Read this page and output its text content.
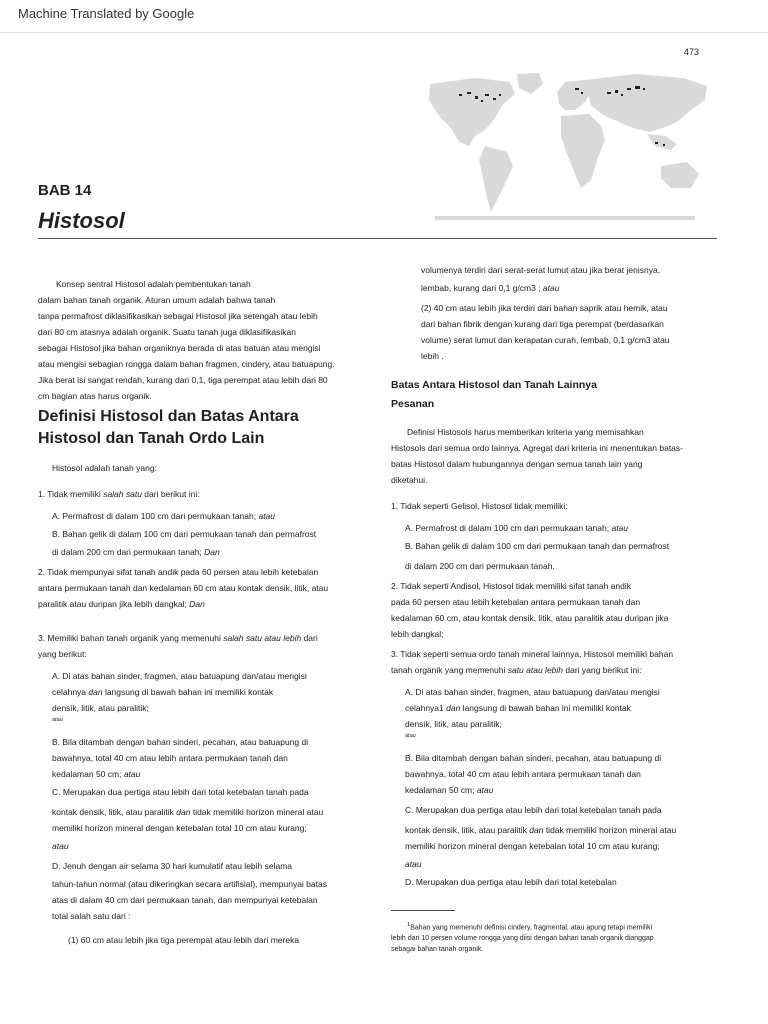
Machine Translated by Google
473
BAB 14
Histosol

Konsep sentral Histosol adalah pembentukan tanah

dalam bahan tanah organik. Aturan umum adalah bahwa tanah

tanpa permafrost diklasifikasikan sebagai Histosol jika setengah atau lebih

dari 80 cm atasnya adalah organik. Suatu tanah juga diklasifikasikan

sebagai Histosol jika bahan organiknya berada di atas batuan atau mengisi

atau mengisi sebagian rongga dalam bahan fragmen, cindery, atau batuapung.

Jika berat isi sangat rendah, kurang dari 0,1, tiga perempat atau lebih dari 80

cm bagian atas harus organik.

Definisi Histosol dan Batas Antara
Histosol dan Tanah Ordo Lain

Histosol adalah tanah yang:

1. Tidak memiliki salah satu dari berikut ini:

A. Permafrost di dalam 100 cm dari permukaan tanah; atau

B. Bahan gelik di dalam 100 cm dari permukaan tanah dan permafrost

di dalam 200 cm dari permukaan tanah; Dan

2. Tidak mempunyai sifat tanah andik pada 60 persen atau lebih ketebalan

antara permukaan tanah dan kedalaman 60 cm atau kontak densik, litik, atau

paralitik atau duripan jika lebih dangkal; Dan

3. Memiliki bahan tanah organik yang memenuhi salah satu atau lebih dari

yang berikut:

A. Di atas bahan sinder, fragmen, atau batuapung dan/atau mengisi

celahnya dan langsung di bawah bahan ini memiliki kontak

densik, litik, atau paralitik;

atau

B. Bila ditambah dengan bahan sinderi, pecahan, atau batuapung di

bawahnya, total 40 cm atau lebih antara permukaan tanah dan

kedalaman 50 cm; atau

C. Merupakan dua pertiga atau lebih dari total ketebalan tanah pada

kontak densik, litik, atau paralitik dan tidak memiliki horizon mineral atau

memiliki horizon mineral dengan ketebalan total 10 cm atau kurang;

atau

D. Jenuh dengan air selama 30 hari kumulatif atau lebih selama

tahun-tahun normal (atau dikeringkan secara artifisial), mempunyai batas

atas di dalam 40 cm dari permukaan tanah, dan mempunyai ketebalan

total salah satu dari :

(1) 60 cm atau lebih jika tiga perempat atau lebih dari mereka

volumenya terdiri dari serat-serat lumut atau jika berat jenisnya,

lembab, kurang dari 0,1 g/cm3 ; atau

(2) 40 cm atau lebih jika terdiri dari bahan saprik atau hemik, atau

dari bahan fibrik dengan kurang dari tiga perempat (berdasarkan

volume) serat lumut dan kerapatan curah, lembab, 0,1 g/cm3 atau

lebih .

Batas Antara Histosol dan Tanah Lainnya
Pesanan

Definisi Histosols harus memberikan kriteria yang memisahkan

Histosols dari semua ordo lainnya. Agregat dari kriteria ini menentukan batas-

batas Histosol dalam hubungannya dengan semua tanah lain yang

diketahui.

1. Tidak seperti Gelisol, Histosol tidak memiliki:

A. Permafrost di dalam 100 cm dari permukaan tanah; atau

B. Bahan gelik di dalam 100 cm dari permukaan tanah dan permafrost

di dalam 200 cm dari permukaan tanah.

2. Tidak seperti Andisol, Histosol tidak memiliki sifat tanah andik

pada 60 persen atau lebih ketebalan antara permukaan tanah dan

kedalaman 60 cm, atau kontak densik, litik, atau paralitik atau duripan jika

lebih dangkal;

3. Tidak seperti semua ordo tanah mineral lainnya, Histosol memiliki bahan

tanah organik yang memenuhi satu atau lebih dari yang berikut ini:

A. Di atas bahan sinder, fragmen, atau batuapung dan/atau mengisi

celahnya1 dan langsung di bawah bahan ini memiliki kontak

densik, litik, atau paralitik;

atau

B. Bila ditambah dengan bahan sinderi, pecahan, atau batuapung di

bawahnya, total 40 cm atau lebih antara permukaan tanah dan

kedalaman 50 cm; atau

C. Merupakan dua pertiga atau lebih dari total ketebalan tanah pada

kontak densik, litik, atau paralitik dan tidak memiliki horizon mineral atau

memiliki horizon mineral dengan ketebalan total 10 cm atau kurang;

atau

D. Merupakan dua pertiga atau lebih dari total ketebalan

$^1$Bahan yang memenuhi definisi cindery, fragmental, atau apung tetapi memiliki
lebih dari 10 persen volume rongga yang diisi dengan bahan tanah organik dianggap
sebagai bahan tanah organik.
